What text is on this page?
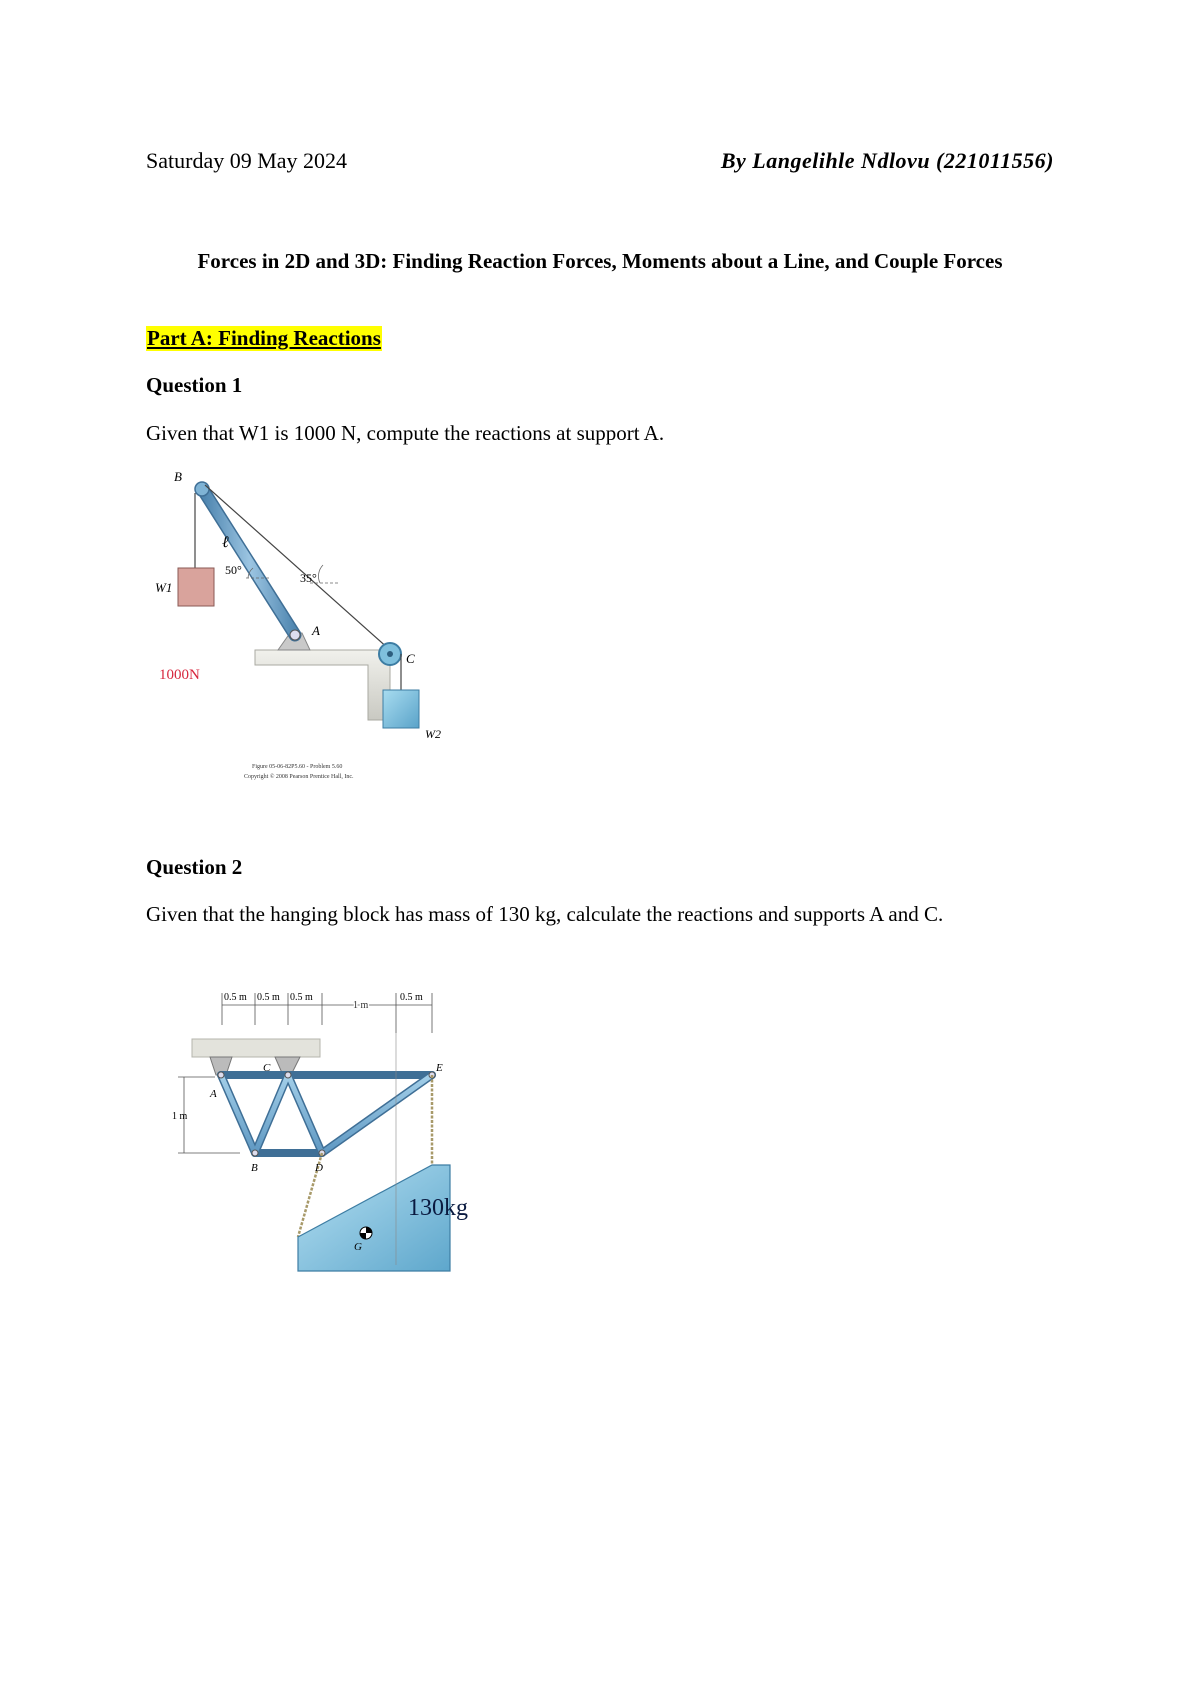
Saturday 09 May 2024	By Langelihle Ndlovu (221011556)
Forces in 2D and 3D: Finding Reaction Forces, Moments about a Line, and Couple Forces
Part A: Finding Reactions
Question 1
Given that W1 is 1000 N, compute the reactions at support A.
B
ℓ
50°
35°
A
C
W1
W2
1000N
Figure 05-06-82P5.60 - Problem 5.60
Copyright © 2008 Pearson Prentice Hall, Inc.
Question 2
Given that the hanging block has mass of 130 kg, calculate the reactions and supports A and C.
0.5 m 0.5 m 0.5 m
1 m
0.5 m
1 m
A
C	E
B	D
G
130kg
